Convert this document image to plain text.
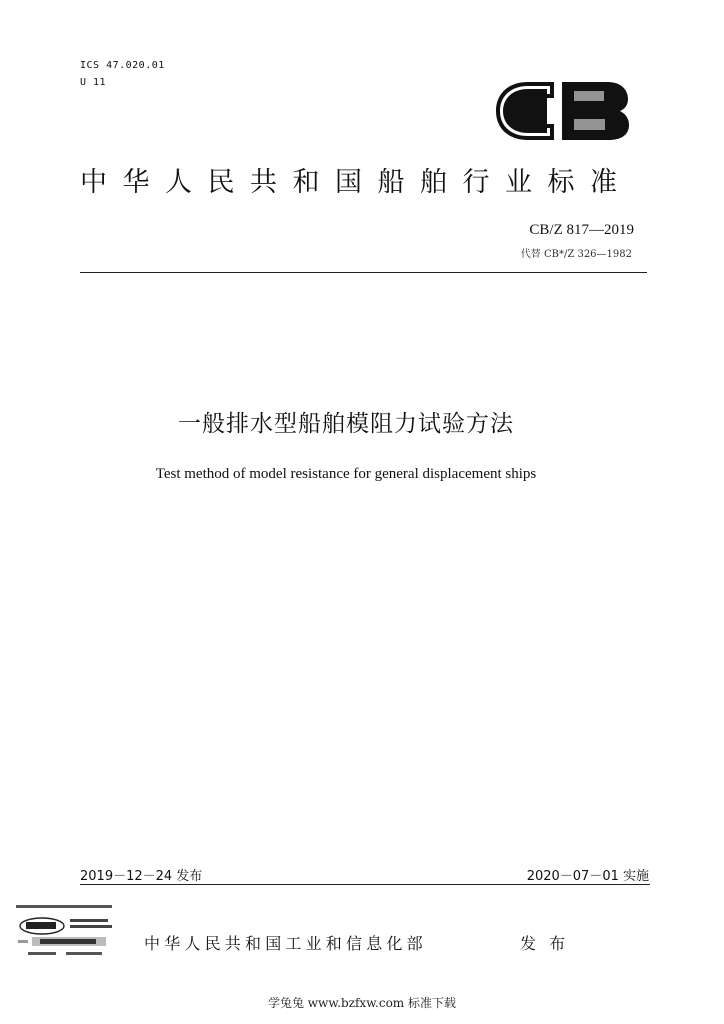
ICS 47.020.01
U 11
中华人民共和国船舶行业标准
CB/Z 817—2019
代替 CB*/Z 326—1982
一般排水型船舶模阻力试验方法
Test method of model resistance for general displacement ships
2019－12－24 发布	2020－07－01 实施
中华人民共和国工业和信息化部	发 布
学兔兔 www.bzfxw.com 标准下载
